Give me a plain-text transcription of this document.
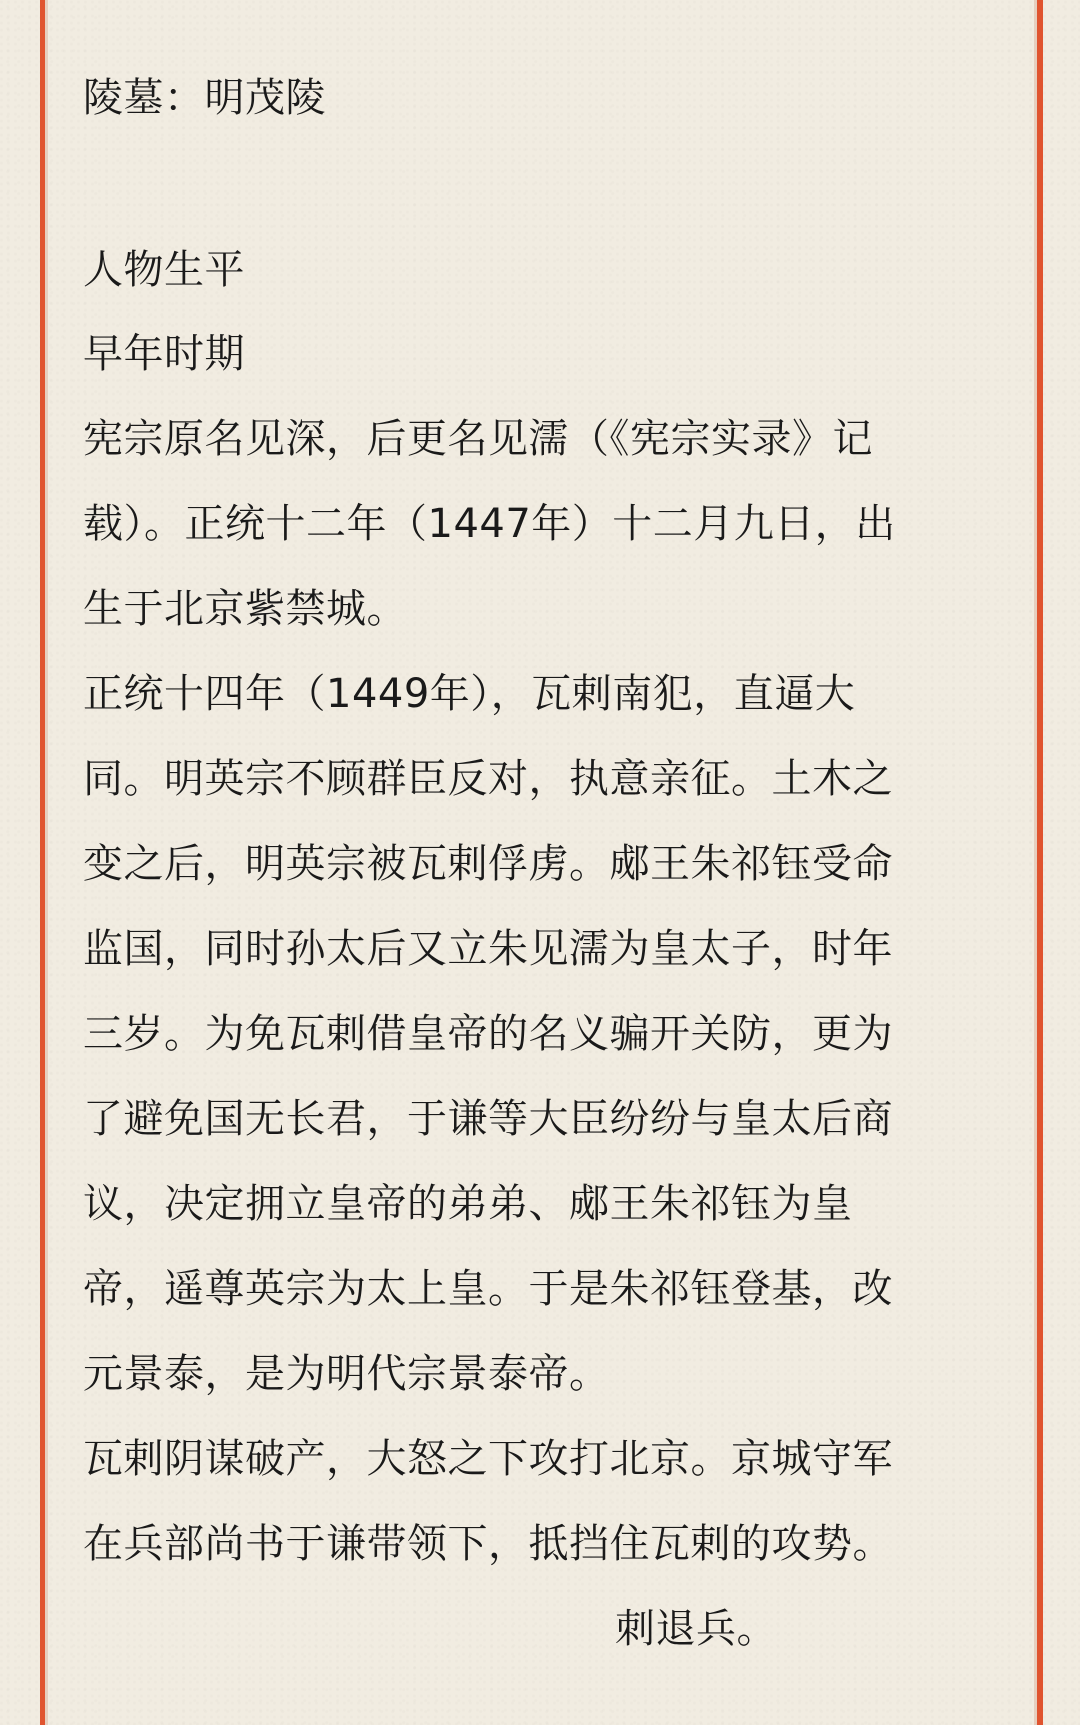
陵墓：明茂陵

人物生平

早年时期

宪宗原名见深，后更名见濡（《宪宗实录》记

载）。正统十二年（1447年）十二月九日，出

生于北京紫禁城。

正统十四年（1449年），瓦剌南犯，直逼大

同。明英宗不顾群臣反对，执意亲征。土木之

变之后，明英宗被瓦剌俘虏。郕王朱祁钰受命

监国，同时孙太后又立朱见濡为皇太子，时年

三岁。为免瓦剌借皇帝的名义骗开关防，更为

了避免国无长君，于谦等大臣纷纷与皇太后商

议，决定拥立皇帝的弟弟、郕王朱祁钰为皇

帝，遥尊英宗为太上皇。于是朱祁钰登基，改

元景泰，是为明代宗景泰帝。

瓦剌阴谋破产，大怒之下攻打北京。京城守军

在兵部尚书于谦带领下，抵挡住瓦剌的攻势。

刺退兵。
